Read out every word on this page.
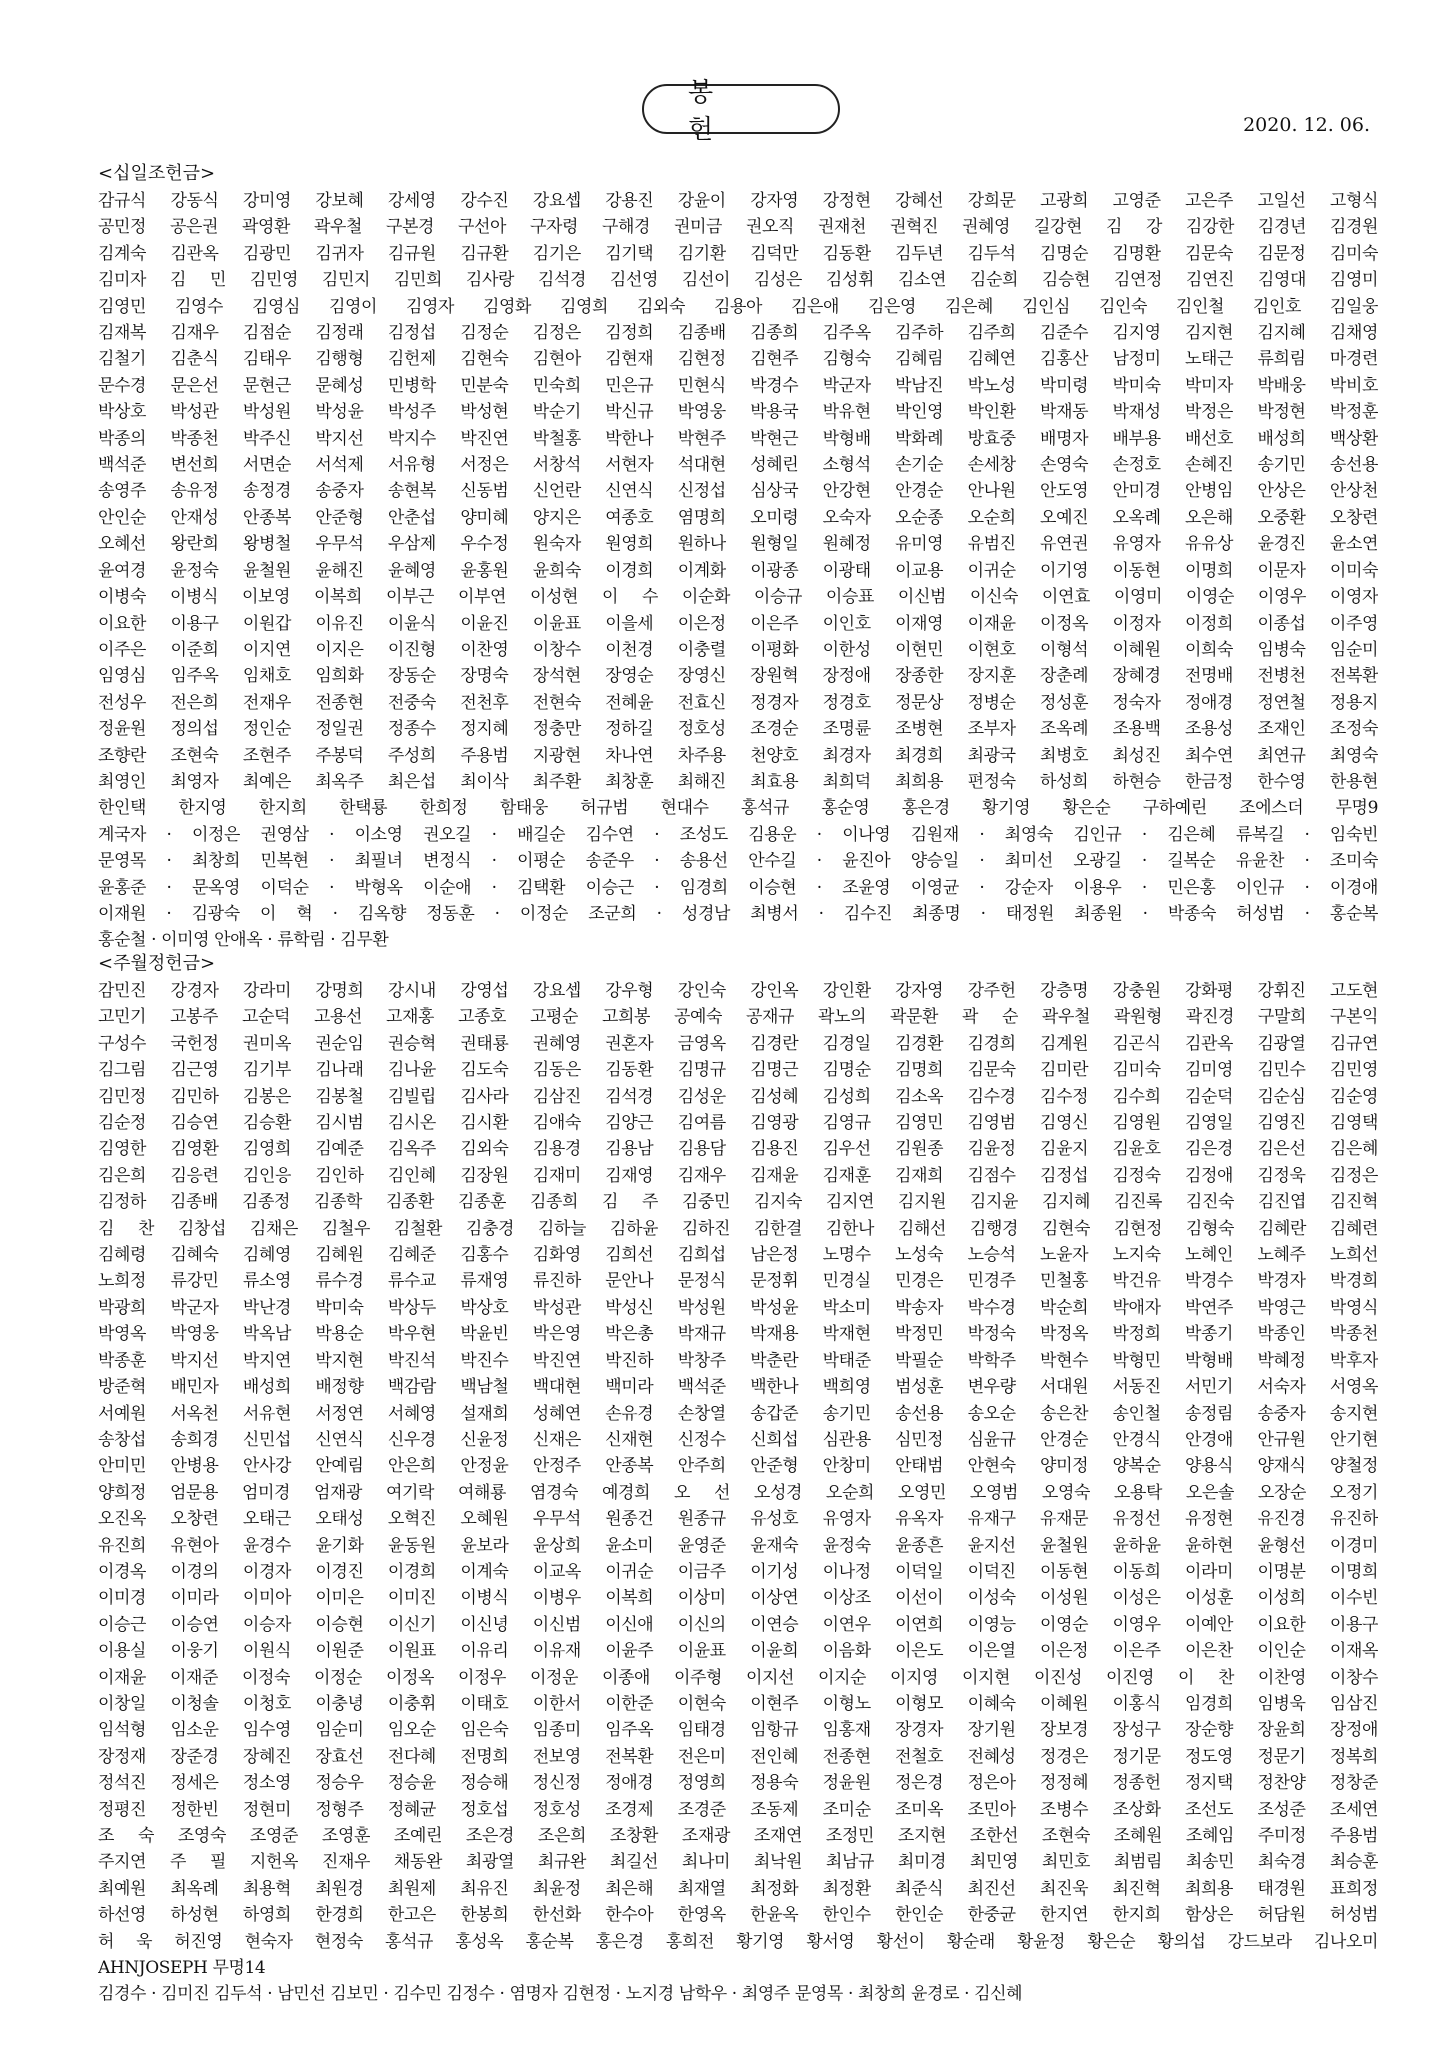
봉 헌	2020. 12. 06.
<십일조헌금>
감규식 강동식 강미영 강보혜 강세영 강수진 강요셉 강용진 강윤이 강자영 강정현 강혜선 강희문 고광희 고영준 고은주 고일선 고형식
공민정 공은권 곽영환 곽우철 구본경 구선아 구자령 구해경 권미금 권오직 권재천 권혁진 권혜영 길강현 김 강 김강한 김경년 김경원
김계숙 김관옥 김광민 김귀자 김규원 김규환 김기은 김기택 김기환 김덕만 김동환 김두년 김두석 김명순 김명환 김문숙 김문정 김미숙
김미자 김 민 김민영 김민지 김민희 김사랑 김석경 김선영 김선이 김성은 김성휘 김소연 김순희 김승현 김연정 김연진 김영대 김영미
김영민 김영수 김영심 김영이 김영자 김영화 김영희 김외숙 김용아 김은애 김은영 김은혜 김인심 김인숙 김인철 김인호 김일웅
김재복 김재우 김점순 김정래 김정섭 김정순 김정은 김정희 김종배 김종희 김주옥 김주하 김주희 김준수 김지영 김지현 김지혜 김채영
김철기 김춘식 김태우 김행형 김헌제 김현숙 김현아 김현재 김현정 김현주 김형숙 김혜림 김혜연 김홍산 남정미 노태근 류희림 마경련
문수경 문은선 문현근 문혜성 민병학 민분숙 민숙희 민은규 민현식 박경수 박군자 박남진 박노성 박미령 박미숙 박미자 박배웅 박비호
박상호 박성관 박성원 박성윤 박성주 박성현 박순기 박신규 박영웅 박용국 박유현 박인영 박인환 박재동 박재성 박정은 박정현 박정훈
박종의 박종천 박주신 박지선 박지수 박진연 박철홍 박한나 박현주 박현근 박형배 박화례 방효중 배명자 배부용 배선호 배성희 백상환
백석준 변선희 서면순 서석제 서유형 서정은 서창석 서현자 석대현 성혜린 소형석 손기순 손세창 손영숙 손정호 손혜진 송기민 송선용
송영주 송유정 송정경 송중자 송현복 신동범 신언란 신연식 신정섭 심상국 안강현 안경순 안나원 안도영 안미경 안병임 안상은 안상천
안인순 안재성 안종복 안준형 안춘섭 양미혜 양지은 여종호 염명희 오미령 오숙자 오순종 오순희 오예진 오옥례 오은해 오중환 오창련
오혜선 왕란희 왕병철 우무석 우삼제 우수정 원숙자 원영희 원하나 원형일 원혜정 유미영 유범진 유연권 유영자 유유상 윤경진 윤소연
윤여경 윤정숙 윤철원 윤해진 윤혜영 윤홍원 윤희숙 이경희 이계화 이광종 이광태 이교용 이귀순 이기영 이동현 이명희 이문자 이미숙
이병숙 이병식 이보영 이복희 이부근 이부연 이성현 이 수 이순화 이승규 이승표 이신범 이신숙 이연효 이영미 이영순 이영우 이영자
이요한 이용구 이원갑 이유진 이윤식 이윤진 이윤표 이을세 이은정 이은주 이인호 이재영 이재윤 이정옥 이정자 이정희 이종섭 이주영
이주은 이준희 이지연 이지은 이진형 이찬영 이창수 이천경 이충렬 이평화 이한성 이현민 이현호 이형석 이혜원 이희숙 임병숙 임순미
임영심 임주옥 임채호 임희화 장동순 장명숙 장석현 장영순 장영신 장원혁 장정애 장종한 장지훈 장춘례 장혜경 전명배 전병천 전복환
전성우 전은희 전재우 전종현 전중숙 전천후 전현숙 전혜윤 전효신 정경자 정경호 정문상 정병순 정성훈 정숙자 정애경 정연철 정용지
정윤원 정의섭 정인순 정일권 정종수 정지혜 정충만 정하길 정호성 조경순 조명륜 조병현 조부자 조옥례 조용백 조용성 조재인 조정숙
조향란 조현숙 조현주 주봉덕 주성희 주용범 지광현 차나연 차주용 천양호 최경자 최경희 최광국 최병호 최성진 최수연 최연규 최영숙
최영인 최영자 최예은 최옥주 최은섭 최이삭 최주환 최창훈 최해진 최효용 최희덕 최희용 편정숙 하성희 하현승 한금정 한수영 한용현
한인택 한지영 한지희 한택룡 한희정 함태웅 허규범 현대수 홍석규 홍순영 홍은경 황기영 황은순 구하예린 조에스더 무명9
계국자 · 이정은 권영삼 · 이소영 권오길 · 배길순 김수연 · 조성도 김용운 · 이나영 김원재 · 최영숙 김인규 · 김은혜 류복길 · 임숙빈
문영목 · 최창희 민복현 · 최필녀 변정식 · 이평순 송준우 · 송용선 안수길 · 윤진아 양승일 · 최미선 오광길 · 길복순 유윤찬 · 조미숙
윤홍준 · 문옥영 이덕순 · 박형옥 이순애 · 김택환 이승근 · 임경희 이승현 · 조윤영 이영균 · 강순자 이용우 · 민은홍 이인규 · 이경애
이재원 · 김광숙 이 혁 · 김옥향 정동훈 · 이정순 조군희 · 성경남 최병서 · 김수진 최종명 · 태정원 최종원 · 박종숙 허성범 · 홍순복
홍순철 · 이미영 안애옥 · 류학림 · 김무환
<주월정헌금>
감민진 강경자 강라미 강명희 강시내 강영섭 강요셉 강우형 강인숙 강인옥 강인환 강자영 강주헌 강층명 강충원 강화평 강휘진 고도현
고민기 고봉주 고순덕 고용선 고재홍 고종호 고평순 고희봉 공예숙 공재규 곽노의 곽문환 곽 순 곽우철 곽원형 곽진경 구말희 구본익
구성수 국헌정 권미옥 권순임 권승혁 권태룡 권혜영 권혼자 금영옥 김경란 김경일 김경환 김경희 김계원 김곤식 김관옥 김광열 김규연
김그림 김근영 김기부 김나래 김나윤 김도숙 김동은 김동환 김명규 김명근 김명순 김명희 김문숙 김미란 김미숙 김미영 김민수 김민영
김민정 김민하 김봉은 김봉철 김빌립 김사라 김삼진 김석경 김성운 김성혜 김성희 김소옥 김수경 김수정 김수희 김순덕 김순심 김순영
김순정 김승연 김승환 김시범 김시온 김시환 김애숙 김양근 김여름 김영광 김영규 김영민 김영범 김영신 김영원 김영일 김영진 김영택
김영한 김영환 김영희 김예준 김옥주 김외숙 김용경 김용남 김용담 김용진 김우선 김원종 김윤정 김윤지 김윤호 김은경 김은선 김은혜
김은희 김응련 김인응 김인하 김인혜 김장원 김재미 김재영 김재우 김재윤 김재훈 김재희 김점수 김정섭 김정숙 김정애 김정욱 김정은
김정하 김종배 김종정 김종학 김종환 김종훈 김종희 김 주 김중민 김지숙 김지연 김지원 김지윤 김지혜 김진록 김진숙 김진엽 김진혁
김 찬 김창섭 김채은 김철우 김철환 김충경 김하늘 김하윤 김하진 김한결 김한나 김해선 김행경 김현숙 김현정 김형숙 김혜란 김혜련
김혜령 김혜숙 김혜영 김혜원 김혜준 김홍수 김화영 김희선 김희섭 남은정 노명수 노성숙 노승석 노윤자 노지숙 노혜인 노혜주 노희선
노희정 류강민 류소영 류수경 류수교 류재영 류진하 문안나 문정식 문정휘 민경실 민경은 민경주 민철홍 박건유 박경수 박경자 박경희
박광희 박군자 박난경 박미숙 박상두 박상호 박성관 박성신 박성원 박성윤 박소미 박송자 박수경 박순희 박애자 박연주 박영근 박영식
박영옥 박영웅 박옥남 박용순 박우현 박윤빈 박은영 박은총 박재규 박재용 박재현 박정민 박정숙 박정옥 박정희 박종기 박종인 박종천
박종훈 박지선 박지연 박지현 박진석 박진수 박진연 박진하 박창주 박춘란 박태준 박필순 박학주 박현수 박형민 박형배 박혜정 박후자
방준혁 배민자 배성희 배정향 백감람 백남철 백대현 백미라 백석준 백한나 백희영 범성훈 변우량 서대원 서동진 서민기 서숙자 서영옥
서예원 서옥천 서유현 서정연 서혜영 설재희 성혜연 손유경 손창열 송갑준 송기민 송선용 송오순 송은찬 송인철 송정림 송중자 송지현
송창섭 송희경 신민섭 신연식 신우경 신윤정 신재은 신재현 신정수 신희섭 심관용 심민정 심윤규 안경순 안경식 안경애 안규원 안기현
안미민 안병용 안사강 안예림 안은희 안정윤 안정주 안종복 안주희 안준형 안창미 안태범 안현숙 양미정 양복순 양용식 양재식 양철정
양희정 엄문용 엄미경 엄재광 여기락 여해룡 염경숙 예경희 오 선 오성경 오순희 오영민 오영범 오영숙 오용탁 오은솔 오장순 오정기
오진옥 오창련 오태근 오태성 오혁진 오혜원 우무석 원종건 원종규 유성호 유영자 유옥자 유재구 유재문 유정선 유정현 유진경 유진하
유진희 유현아 윤경수 윤기화 윤동원 윤보라 윤상희 윤소미 윤영준 윤재숙 윤정숙 윤종흔 윤지선 윤철원 윤하윤 윤하현 윤형선 이경미
이경옥 이경의 이경자 이경진 이경희 이계숙 이교옥 이귀순 이금주 이기성 이나정 이덕일 이덕진 이동현 이동희 이라미 이명분 이명희
이미경 이미라 이미아 이미은 이미진 이병식 이병우 이복희 이상미 이상연 이상조 이선이 이성숙 이성원 이성은 이성훈 이성희 이수빈
이승근 이승연 이승자 이승현 이신기 이신녕 이신범 이신애 이신의 이연승 이연우 이연희 이영능 이영순 이영우 이예안 이요한 이용구
이용실 이웅기 이원식 이원준 이원표 이유리 이유재 이윤주 이윤표 이윤희 이음화 이은도 이은열 이은정 이은주 이은찬 이인순 이재옥
이재윤 이재준 이정숙 이정순 이정옥 이정우 이정운 이종애 이주형 이지선 이지순 이지영 이지현 이진성 이진영 이 찬 이찬영 이창수
이창일 이청솔 이청호 이충녕 이충휘 이태호 이한서 이한준 이현숙 이현주 이형노 이형모 이혜숙 이혜원 이홍식 임경희 임병욱 임삼진
임석형 임소운 임수영 임순미 임오순 임은숙 임종미 임주옥 임태경 임항규 임홍재 장경자 장기원 장보경 장성구 장순향 장윤희 장정애
장정재 장준경 장혜진 장효선 전다혜 전명희 전보영 전복환 전은미 전인혜 전종현 전철호 전혜성 정경은 정기문 정도영 정문기 정복희
정석진 정세은 정소영 정승우 정승윤 정승해 정신정 정애경 정영희 정용숙 정윤원 정은경 정은아 정정혜 정종헌 정지택 정찬양 정창준
정평진 정한빈 정현미 정형주 정혜균 정호섭 정호성 조경제 조경준 조동제 조미순 조미옥 조민아 조병수 조상화 조선도 조성준 조세연
조 숙 조영숙 조영준 조영훈 조예린 조은경 조은희 조창환 조재광 조재연 조정민 조지현 조한선 조현숙 조혜원 조혜임 주미정 주용범
주지연 주 필 지헌옥 진재우 채동완 최광열 최규완 최길선 최나미 최낙원 최남규 최미경 최민영 최민호 최범림 최송민 최숙경 최승훈
최예원 최옥례 최용혁 최원경 최원제 최유진 최윤정 최은해 최재열 최정화 최정환 최준식 최진선 최진욱 최진혁 최희용 태경원 표희정
하선영 하성현 하영희 한경희 한고은 한봉희 한선화 한수아 한영옥 한윤옥 한인수 한인순 한중균 한지연 한지희 함상은 허담원 허성범
허 욱 허진영 현숙자 현정숙 홍석규 홍성옥 홍순복 홍은경 홍희전 황기영 황서영 황선이 황순래 황윤정 황은순 황의섭 강드보라 김나오미
AHNJOSEPH 무명14
김경수 · 김미진 김두석 · 남민선 김보민 · 김수민 김정수 · 염명자 김현정 · 노지경 남학우 · 최영주 문영목 · 최창희 윤경로 · 김신혜
